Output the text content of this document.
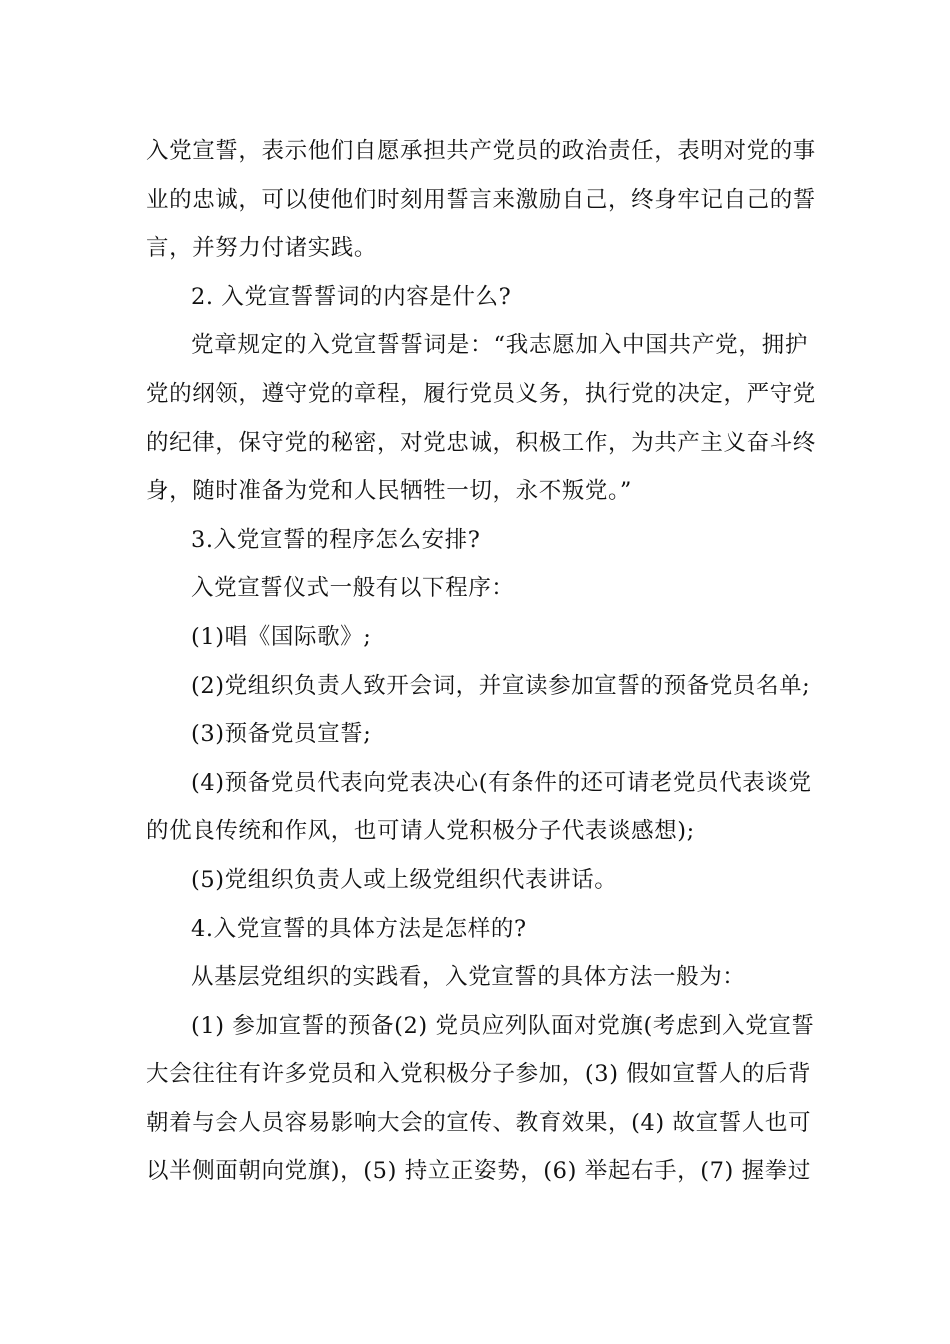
入党宣誓，表示他们自愿承担共产党员的政治责任，表明对党的事
业的忠诚，可以使他们时刻用誓言来激励自己，终身牢记自己的誓
言，并努力付诸实践。
2. 入党宣誓誓词的内容是什么?
党章规定的入党宣誓誓词是：“我志愿加入中国共产党，拥护
党的纲领，遵守党的章程，履行党员义务，执行党的决定，严守党
的纪律，保守党的秘密，对党忠诚，积极工作，为共产主义奋斗终
身，随时准备为党和人民牺牲一切，永不叛党。”
3.入党宣誓的程序怎么安排?
入党宣誓仪式一般有以下程序：
(1)唱《国际歌》;
(2)党组织负责人致开会词，并宣读参加宣誓的预备党员名单;
(3)预备党员宣誓;
(4)预备党员代表向党表决心(有条件的还可请老党员代表谈党
的优良传统和作风，也可请人党积极分子代表谈感想);
(5)党组织负责人或上级党组织代表讲话。
4.入党宣誓的具体方法是怎样的?
从基层党组织的实践看，入党宣誓的具体方法一般为：
(1) 参加宣誓的预备(2) 党员应列队面对党旗(考虑到入党宣誓
大会往往有许多党员和入党积极分子参加，(3) 假如宣誓人的后背
朝着与会人员容易影响大会的宣传、教育效果，(4) 故宣誓人也可
以半侧面朝向党旗)，(5) 持立正姿势，(6) 举起右手，(7) 握拳过
